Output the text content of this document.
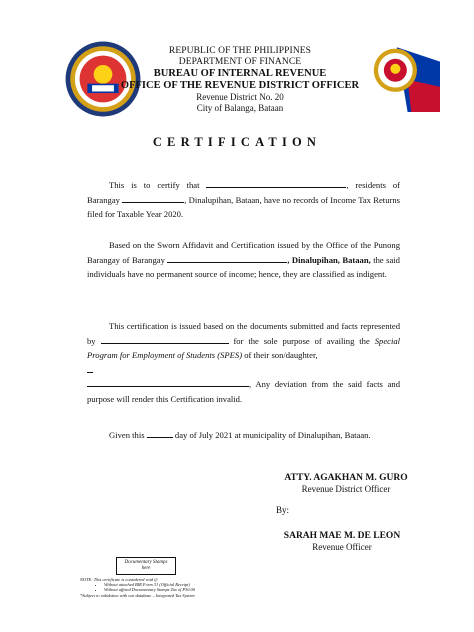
REPUBLIC OF THE PHILIPPINES
DEPARTMENT OF FINANCE
BUREAU OF INTERNAL REVENUE
OFFICE OF THE REVENUE DISTRICT OFFICER
Revenue District No. 20
City of Balanga, Bataan
CERTIFICATION
This is to certify that	, residents of Barangay	, Dinalupihan, Bataan, have no records of Income Tax Returns filed for Taxable Year 2020.
Based on the Sworn Affidavit and Certification issued by the Office of the Punong Barangay of Barangay	, Dinalupihan, Bataan, the said individuals have no permanent source of income; hence, they are classified as indigent.
This certification is issued based on the documents submitted and facts represented by	for the sole purpose of availing the Special Program for Employment of Students (SPES) of their son/daughter,

, Any deviation from the said facts and purpose will render this Certification invalid.
Given this	day of July 2021 at municipality of Dinalupihan, Bataan.
ATTY. AGAKHAN M. GURO
Revenue District Officer
By:
SARAH MAE M. DE LEON
Revenue Officer
Documentary Stamps
here
NOTE: This certificate is considered void if:
• Without attached BIR Form 31 (Official Receipt)
• Without affixed Documentary Stamps Tax of P30.00
*Subject to validation with our database – Integrated Tax System
